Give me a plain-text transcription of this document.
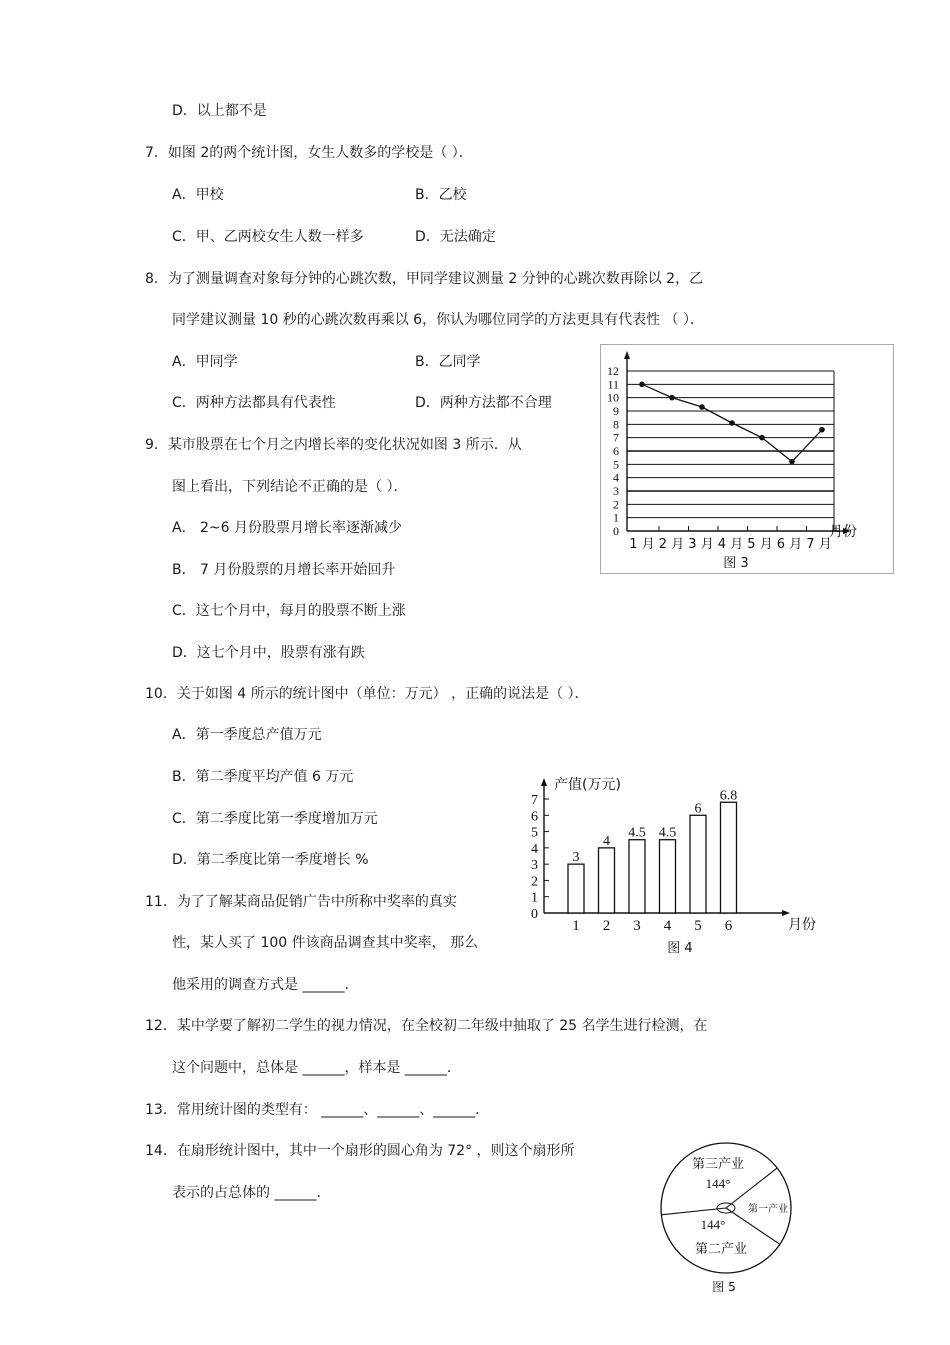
D．以上都不是
7．如图 2的两个统计图，女生人数多的学校是（ ）．
A．甲校	B．乙校
C．甲、乙两校女生人数一样多	D．无法确定
8．为了测量调查对象每分钟的心跳次数，甲同学建议测量 2 分钟的心跳次数再除以 2，乙
同学建议测量 10 秒的心跳次数再乘以 6，你认为哪位同学的方法更具有代表性 （ ）．
A．甲同学	B．乙同学
C．两种方法都具有代表性	D．两种方法都不合理
9．某市股票在七个月之内增长率的变化状况如图 3 所示．从
图上看出，下列结论不正确的是（ ）．
A． 2~6 月份股票月增长率逐渐减少
B． 7 月份股票的月增长率开始回升
C．这七个月中，每月的股票不断上涨
D．这七个月中，股票有涨有跌
10．关于如图 4 所示的统计图中（单位：万元） ，正确的说法是（ ）．
A．第一季度总产值万元
B．第二季度平均产值 6 万元
C．第二季度比第一季度增加万元
D．第二季度比第一季度增长 %
11．为了了解某商品促销广告中所称中奖率的真实
性，某人买了 100 件该商品调查其中奖率， 那么
他采用的调查方式是 ______．
12．某中学要了解初二学生的视力情况，在全校初二年级中抽取了 25 名学生进行检测，在
这个问题中，总体是 ______，样本是 ______．
13．常用统计图的类型有： ______、______、______．
14．在扇形统计图中，其中一个扇形的圆心角为 72° ，则这个扇形所
表示的占总体的 ______．
0
1
2
3
4
5
6
7
8
9
10
11
12
1 月 2 月 3 月 4 月 5 月 6 月 7 月
月份
图 3
0
1
2
3
4
5
6
7
1 2 3 4 5 6
3
4
4.5 4.5
6
6.8
产值(万元)
月份
图 4
第三产业
144°
第一产业
144°
第二产业
图 5
